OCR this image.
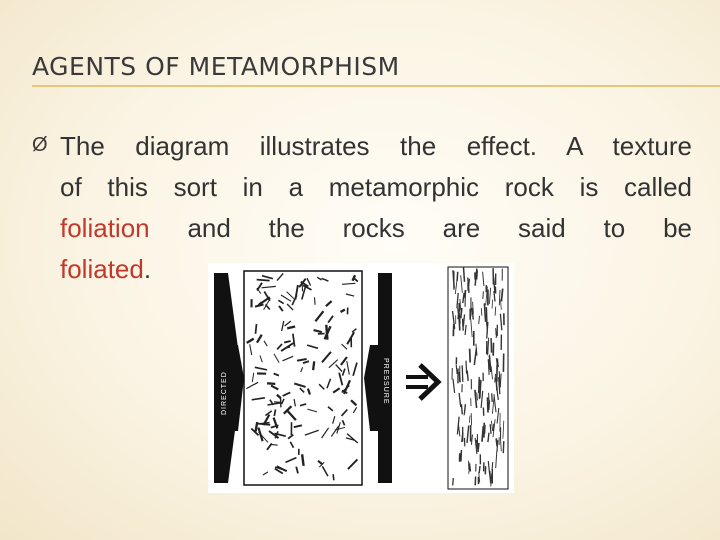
AGENTS OF METAMORPHISM
Ø The diagram illustrates the effect. A texture
of this sort in a metamorphic rock is called
foliation and the rocks are said to be
foliated.
DIRECTED	PRESSURE
